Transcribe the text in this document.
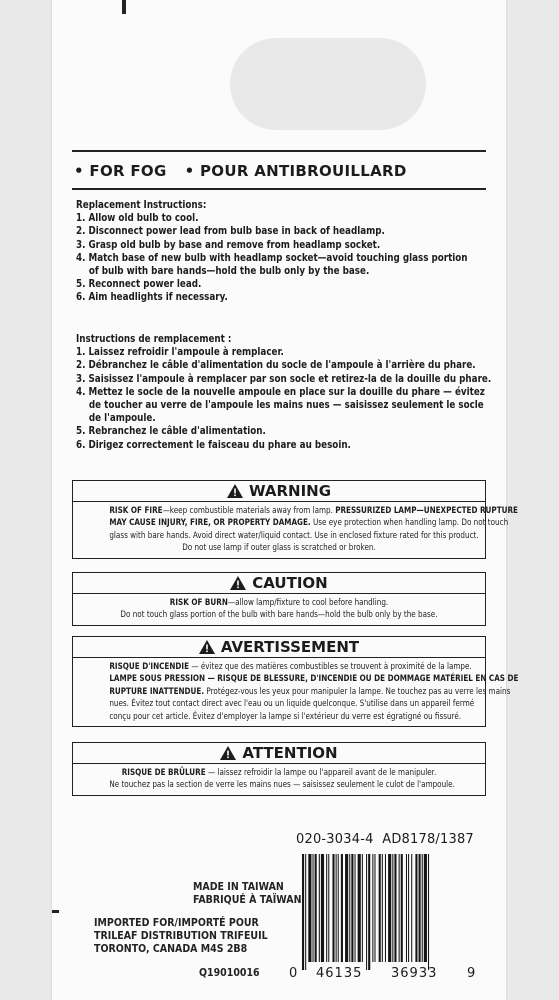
• FOR FOG • POUR ANTIBROUILLARD
Replacement Instructions:
1. Allow old bulb to cool.
2. Disconnect power lead from bulb base in back of headlamp.
3. Grasp old bulb by base and remove from headlamp socket.
4. Match base of new bulb with headlamp socket—avoid touching glass portion
of bulb with bare hands—hold the bulb only by the base.
5. Reconnect power lead.
6. Aim headlights if necessary.
Instructions de remplacement :
1. Laissez refroidir l'ampoule à remplacer.
2. Débranchez le câble d'alimentation du socle de l'ampoule à l'arrière du phare.
3. Saisissez l'ampoule à remplacer par son socle et retirez-la de la douille du phare.
4. Mettez le socle de la nouvelle ampoule en place sur la douille du phare — évitez
de toucher au verre de l'ampoule les mains nues — saisissez seulement le socle
de l'ampoule.
5. Rebranchez le câble d'alimentation.
6. Dirigez correctement le faisceau du phare au besoin.
WARNING
RISK OF FIRE—keep combustible materials away from lamp. PRESSURIZED LAMP—UNEXPECTED RUPTURE
MAY CAUSE INJURY, FIRE, OR PROPERTY DAMAGE. Use eye protection when handling lamp. Do not touch
glass with bare hands. Avoid direct water/liquid contact. Use in enclosed fixture rated for this product.
Do not use lamp if outer glass is scratched or broken.
CAUTION
RISK OF BURN—allow lamp/fixture to cool before handling.
Do not touch glass portion of the bulb with bare hands—hold the bulb only by the base.
AVERTISSEMENT
RISQUE D'INCENDIE — évitez que des matières combustibles se trouvent à proximité de la lampe.
LAMPE SOUS PRESSION — RISQUE DE BLESSURE, D'INCENDIE OU DE DOMMAGE MATÉRIEL EN CAS DE
RUPTURE INATTENDUE. Protégez-vous les yeux pour manipuler la lampe. Ne touchez pas au verre les mains
nues. Évitez tout contact direct avec l'eau ou un liquide quelconque. S'utilise dans un appareil fermé
conçu pour cet article. Évitez d'employer la lampe si l'extérieur du verre est égratigné ou fissuré.
ATTENTION
RISQUE DE BRÛLURE — laissez refroidir la lampe ou l'appareil avant de le manipuler.
Ne touchez pas la section de verre les mains nues — saisissez seulement le culot de l'ampoule.
020-3034-4 AD8178/1387
MADE IN TAIWAN
FABRIQUÉ À TAÏWAN
IMPORTED FOR/IMPORTÉ POUR
TRILEAF DISTRIBUTION TRIFEUIL
TORONTO, CANADA M4S 2B8
Q19010016 0 46135 36933 9
